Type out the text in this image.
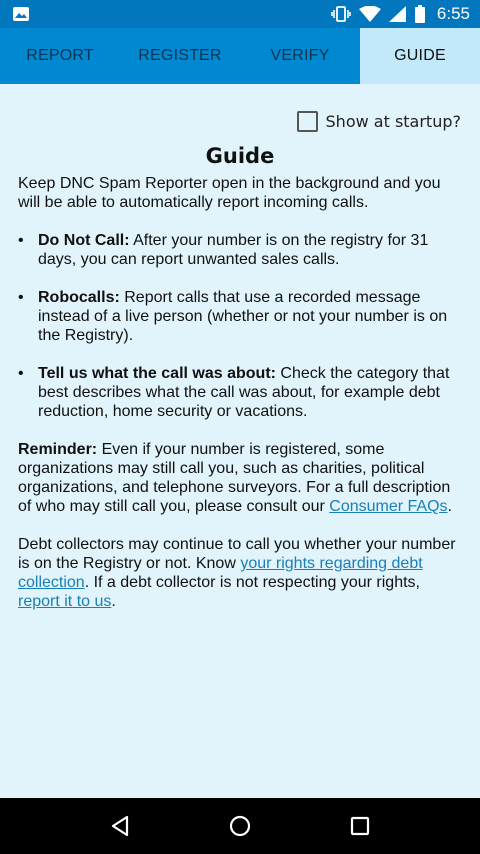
6:55
REPORT	REGISTER	VERIFY	GUIDE
Show at startup?
Guide

Keep DNC Spam Reporter open in the background and you will be able to automatically report incoming calls.

• Do Not Call: After your number is on the registry for 31 days, you can report unwanted sales calls.
• Robocalls: Report calls that use a recorded message instead of a live person (whether or not your number is on the Registry).
• Tell us what the call was about: Check the category that best describes what the call was about, for example debt reduction, home security or vacations.

Reminder: Even if your number is registered, some organizations may still call you, such as charities, political organizations, and telephone surveyors. For a full description of who may still call you, please consult our Consumer FAQs.

Debt collectors may continue to call you whether your number is on the Registry or not. Know your rights regarding debt collection. If a debt collector is not respecting your rights, report it to us.
